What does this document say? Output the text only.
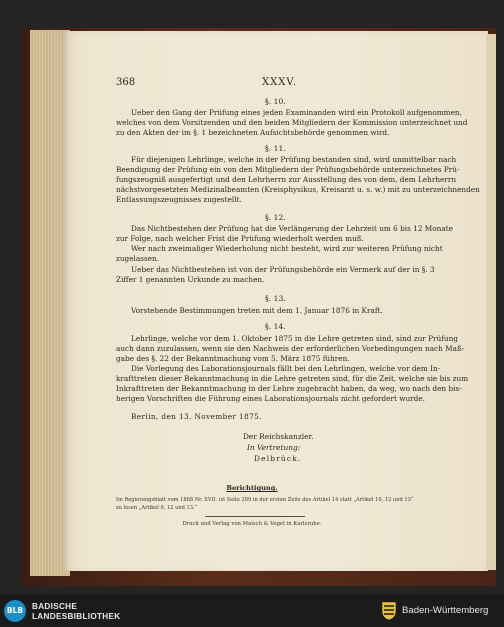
368	XXXV.
§. 10.
Ueber den Gang der Prüfung eines jeden Examinanden wird ein Protokoll aufgenommen,
welches von dem Vorsitzenden und den beiden Mitgliedern der Kommission unterzeichnet und
zu den Akten der im §. 1 bezeichneten Aufsichtsbehörde genommen wird.
§. 11.
Für diejenigen Lehrlinge, welche in der Prüfung bestanden sind, wird unmittelbar nach
Beendigung der Prüfung ein von den Mitgliedern der Prüfungsbehörde unterzeichnetes Prü-
fungszeugniß ausgefertigt und den Lehrherrn zur Ausstellung des von dem, dem Lehrherrn
nächstvorgesetzten Medizinalbeamten (Kreisphysikus, Kreisarzt u. s. w.) mit zu unterzeichnenden
Entlassungszeugnisses zugestellt.
§. 12.
Das Nichtbestehen der Prüfung hat die Verlängerung der Lehrzeit um 6 bis 12 Monate
zur Folge, nach welcher Frist die Prüfung wiederholt werden muß.
Wer nach zweimaliger Wiederholung nicht besteht, wird zur weiteren Prüfung nicht
zugelassen.
Ueber das Nichtbestehen ist von der Prüfungsbehörde ein Vermerk auf der in §. 3
Ziffer 1 genannten Urkunde zu machen.
§. 13.
Vorstehende Bestimmungen treten mit dem 1. Januar 1876 in Kraft.
§. 14.
Lehrlinge, welche vor dem 1. Oktober 1875 in die Lehre getreten sind, sind zur Prüfung
auch dann zuzulassen, wenn sie den Nachweis der erforderlichen Vorbedingungen nach Maß-
gabe des §. 22 der Bekanntmachung vom 5. März 1875 führen.
Die Vorlegung des Laborationsjournals fällt bei den Lehrlingen, welche vor dem In-
krafttreten dieser Bekanntmachung in die Lehre getreten sind, für die Zeit, welche sie bis zum
Inkrafttreten der Bekanntmachung in der Lehre zugebracht haben, da weg, wo nach den bis-
herigen Vorschriften die Führung eines Laborationsjournals nicht gefordert wurde.
Berlin, den 13. November 1875.
Der Reichskanzler.
In Vertretung:
Delbrück.
Berichtigung.
Im Regierungsblatt vom 1868 Nr. XVII. ist Seite 289 in der ersten Zeile des Artikel 14 statt „Artikel 10, 12 und 13“
zu lesen „Artikel 9, 12 und 13.“
Druck und Verlag von Malsch & Vogel in Karlsruhe.
BLB	BADISCHE
LANDESBIBLIOTHEK
Baden-Württemberg
